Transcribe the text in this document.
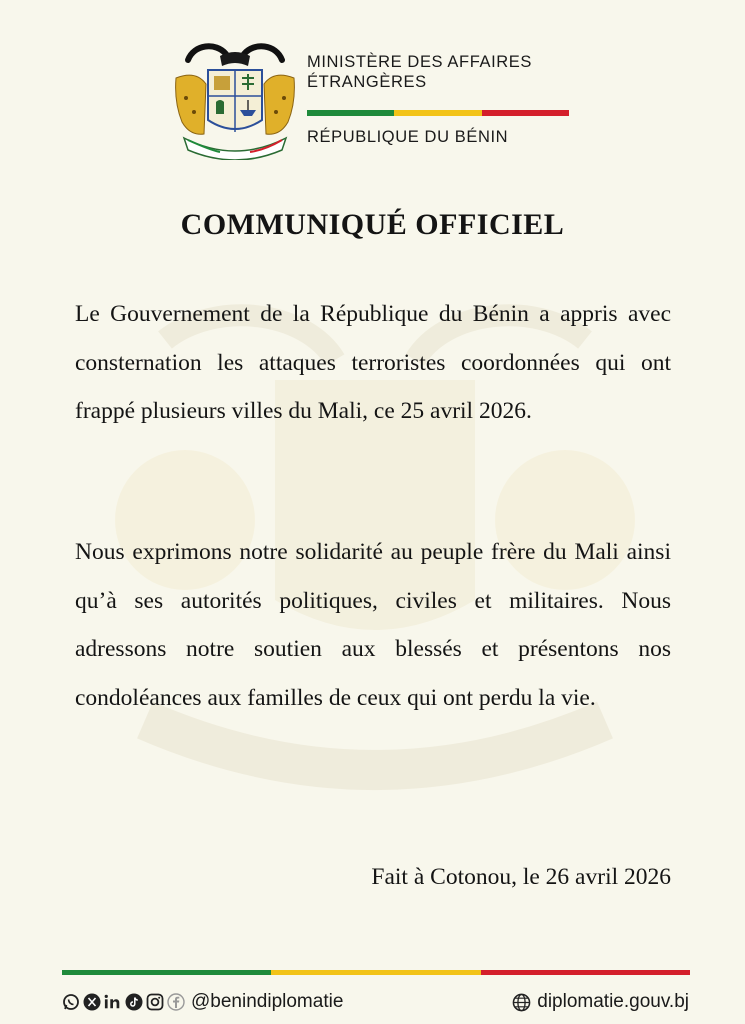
MINISTÈRE DES AFFAIRES
ÉTRANGÈRES
RÉPUBLIQUE DU BÉNIN
COMMUNIQUÉ OFFICIEL

Le Gouvernement de la République du Bénin a appris avec consternation les attaques terroristes coordonnées qui ont frappé plusieurs villes du Mali, ce 25 avril 2026.

Nous exprimons notre solidarité au peuple frère du Mali ainsi qu’à ses autorités politiques, civiles et militaires. Nous adressons notre soutien aux blessés et présentons nos condoléances aux familles de ceux qui ont perdu la vie.

Fait à Cotonou, le 26 avril 2026
@benindiplomatie	diplomatie.gouv.bj
